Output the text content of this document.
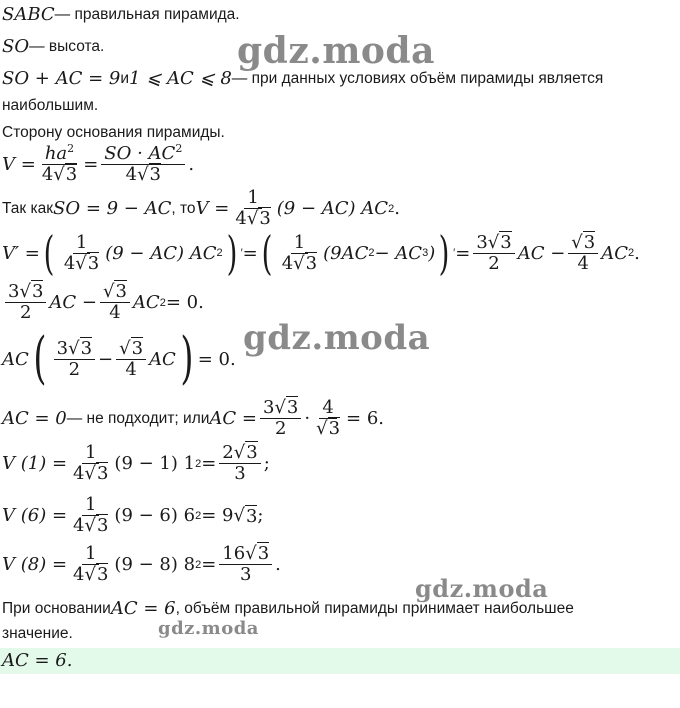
gdz.moda
gdz.moda
gdz.moda
gdz.moda
SABC — правильная пирамида.
SO — высота.
SO + AC = 9 и 1 ⩽ AC ⩽ 8 — при данных условиях объём пирамиды является
наибольшим.
Сторону основания пирамиды.
$V = \frac{ha^2}{4√3} = \frac{SO \cdot AC^2}{4√3}$ .
Так как SO = 9 − AC , то $V = \frac{1}{4√3} (9 - AC)$ AC 2 .
V′ = ( $\frac{1}{4√3} (9 - AC)$ AC 2 ) ′ = ( $\frac{1}{4√3} (9AC$ 2 − AC 3 ) ) ′ = $\frac{3√3}{2}$ AC − $\frac{√3}{4}$ AC 2 .
$\frac{3√3}{2}$ AC − $\frac{√3}{4}$ AC 2 = 0.
AC ( $\frac{3√3}{2} - \frac{√3}{4}$ AC ) = 0.
AC = 0 — не подходит; или AC = $\frac{3√3}{2} \cdot \frac{4}{√3} = 6$.
V $(1) = \frac{1}{4√3} (9 - 1)$ 1 $2 = \frac{2√3}{3}$ ;
V $(6) = \frac{1}{4√3} (9 - 6)$ 6 2 = 9 √ 3 ;
V $(8) = \frac{1}{4√3} (9 - 8)$ 8 $2 = \frac{16√3}{3}$ .
При основании AC = 6 , объём правильной пирамиды принимает наибольшее
значение.
AC = 6.
